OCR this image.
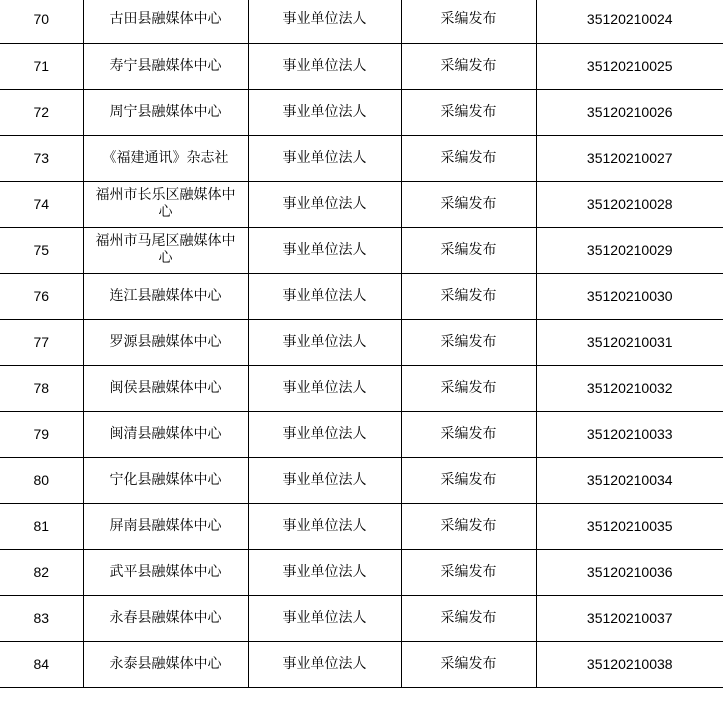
70	古田县融媒体中心	事业单位法人	采编发布	35120210024
71	寿宁县融媒体中心	事业单位法人	采编发布	35120210025
72	周宁县融媒体中心	事业单位法人	采编发布	35120210026
73	《福建通讯》杂志社	事业单位法人	采编发布	35120210027
74	福州市长乐区融媒体中心	事业单位法人	采编发布	35120210028
75	福州市马尾区融媒体中心	事业单位法人	采编发布	35120210029
76	连江县融媒体中心	事业单位法人	采编发布	35120210030
77	罗源县融媒体中心	事业单位法人	采编发布	35120210031
78	闽侯县融媒体中心	事业单位法人	采编发布	35120210032
79	闽清县融媒体中心	事业单位法人	采编发布	35120210033
80	宁化县融媒体中心	事业单位法人	采编发布	35120210034
81	屏南县融媒体中心	事业单位法人	采编发布	35120210035
82	武平县融媒体中心	事业单位法人	采编发布	35120210036
83	永春县融媒体中心	事业单位法人	采编发布	35120210037
84	永泰县融媒体中心	事业单位法人	采编发布	35120210038
